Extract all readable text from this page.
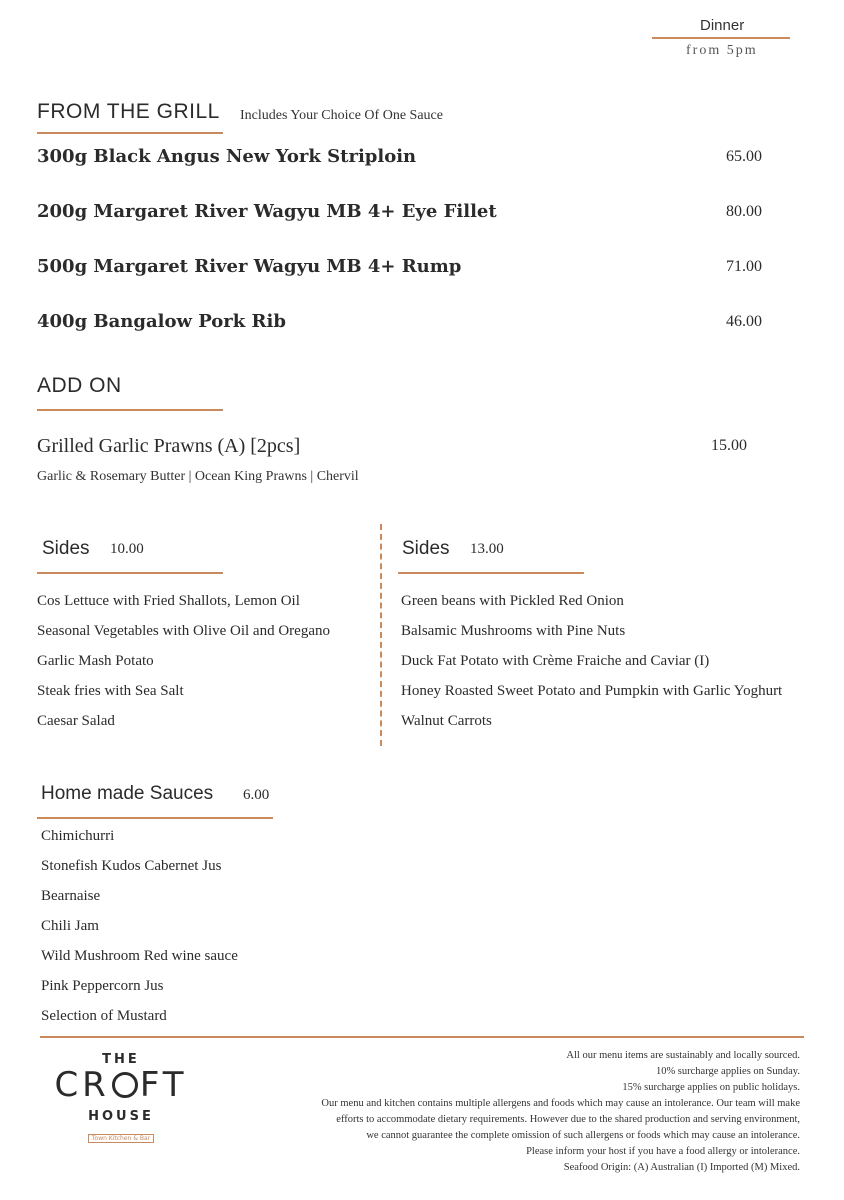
Dinner
from 5pm
FROM THE GRILL Includes Your Choice Of One Sauce
300g Black Angus New York Striploin	65.00
200g Margaret River Wagyu MB 4+ Eye Fillet	80.00
500g Margaret River Wagyu MB 4+ Rump	71.00
400g Bangalow Pork Rib	46.00
ADD ON
Grilled Garlic Prawns (A) [2pcs]	15.00
Garlic & Rosemary Butter | Ocean King Prawns | Chervil
Sides 10.00
Cos Lettuce with Fried Shallots, Lemon Oil
Seasonal Vegetables with Olive Oil and Oregano
Garlic Mash Potato
Steak fries with Sea Salt
Caesar Salad
Sides 13.00
Green beans with Pickled Red Onion
Balsamic Mushrooms with Pine Nuts
Duck Fat Potato with Crème Fraiche and Caviar (I)
Honey Roasted Sweet Potato and Pumpkin with Garlic Yoghurt
Walnut Carrots
Home made Sauces 6.00
Chimichurri
Stonefish Kudos Cabernet Jus
Bearnaise
Chili Jam
Wild Mushroom Red wine sauce
Pink Peppercorn Jus
Selection of Mustard
THE
CR FT
HOUSE
Town Kitchen & Bar
All our menu items are sustainably and locally sourced.
10% surcharge applies on Sunday.
15% surcharge applies on public holidays.
Our menu and kitchen contains multiple allergens and foods which may cause an intolerance. Our team will make
efforts to accommodate dietary requirements. However due to the shared production and serving environment,
we cannot guarantee the complete omission of such allergens or foods which may cause an intolerance.
Please inform your host if you have a food allergy or intolerance.
Seafood Origin: (A) Australian (I) Imported (M) Mixed.
